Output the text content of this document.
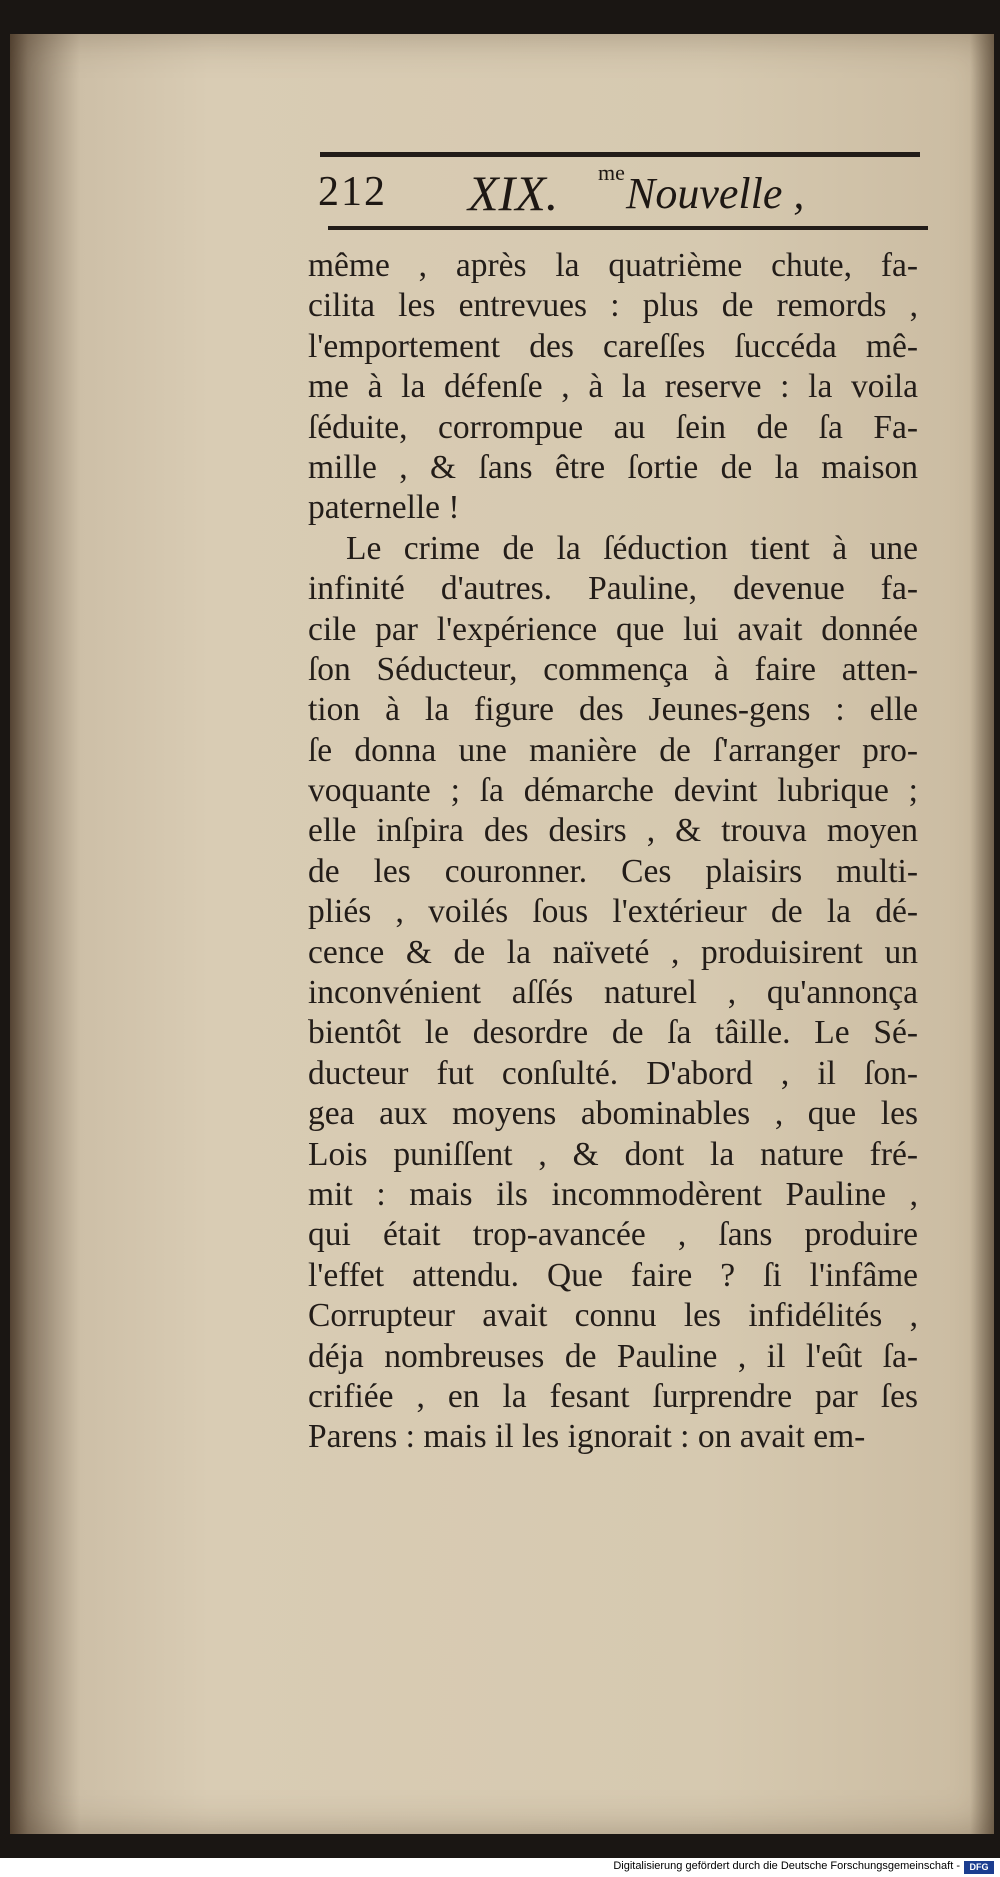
212 XIX. me Nouvelle ,
même , après la quatrième chute, fa-
cilita les entrevues : plus de remords ,
l'emportement des careſſes ſuccéda mê-
me à la défenſe , à la reserve : la voila
ſéduite, corrompue au ſein de ſa Fa-
mille , & ſans être ſortie de la maison
paternelle !
Le crime de la ſéduction tient à une
infinité d'autres. Pauline, devenue fa-
cile par l'expérience que lui avait donnée
ſon Séducteur, commença à faire atten-
tion à la figure des Jeunes-gens : elle
ſe donna une manière de ſ'arranger pro-
voquante ; ſa démarche devint lubrique ;
elle inſpira des desirs , & trouva moyen
de les couronner. Ces plaisirs multi-
pliés , voilés ſous l'extérieur de la dé-
cence & de la naïveté , produisirent un
inconvénient aſſés naturel , qu'annonça
bientôt le desordre de ſa tâille. Le Sé-
ducteur fut conſulté. D'abord , il ſon-
gea aux moyens abominables , que les
Lois puniſſent , & dont la nature fré-
mit : mais ils incommodèrent Pauline ,
qui était trop-avancée , ſans produire
l'effet attendu. Que faire ? ſi l'infâme
Corrupteur avait connu les infidélités ,
déja nombreuses de Pauline , il l'eût ſa-
crifiée , en la fesant ſurprendre par ſes
Parens : mais il les ignorait : on avait em-
Digitalisierung gefördert durch die Deutsche Forschungsgemeinschaft -	DFG
